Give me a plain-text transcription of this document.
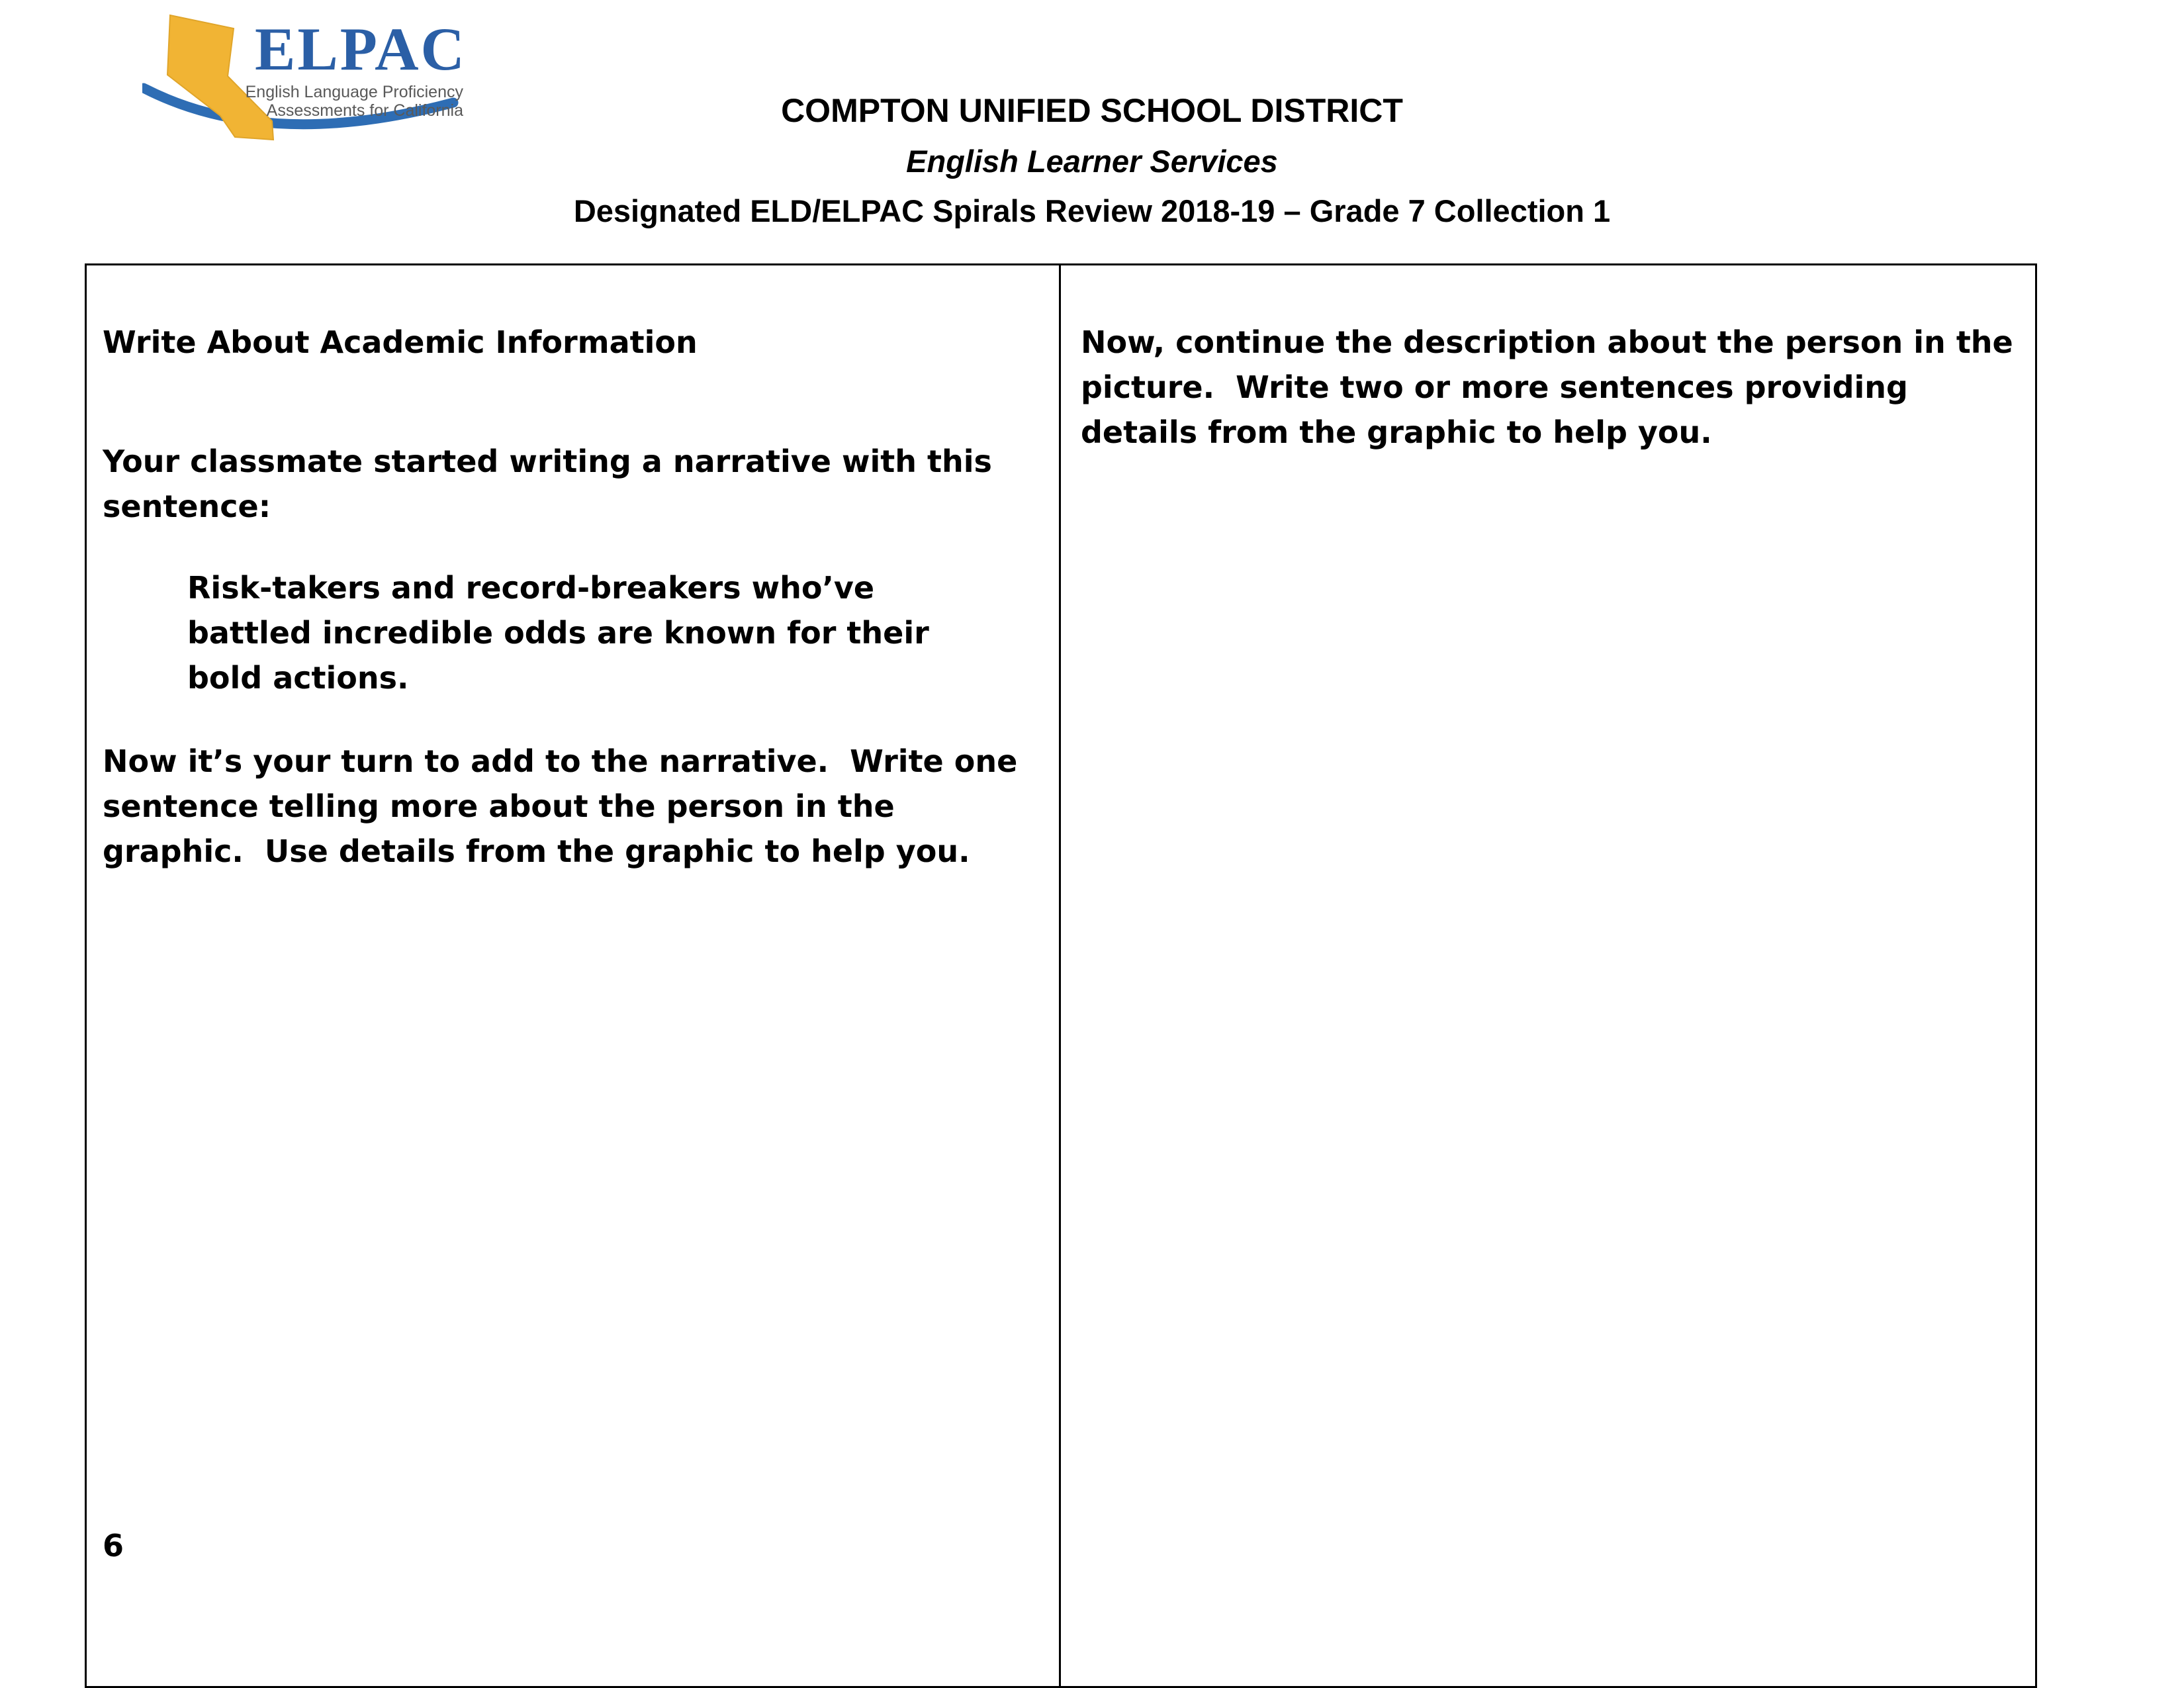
ELPAC
English Language Proficiency
Assessments for California	COMPTON UNIFIED SCHOOL DISTRICT
English Learner Services
Designated ELD/ELPAC Spirals Review 2018-19 – Grade 7 Collection 1

Write About Academic Information

Your classmate started writing a narrative with this sentence:

Risk-takers and record-breakers who’ve battled incredible odds are known for their bold actions.

Now it’s your turn to add to the narrative.  Write one sentence telling more about the person in the graphic.  Use details from the graphic to help you.

6

Now, continue the description about the person in the picture.  Write two or more sentences providing details from the graphic to help you.
